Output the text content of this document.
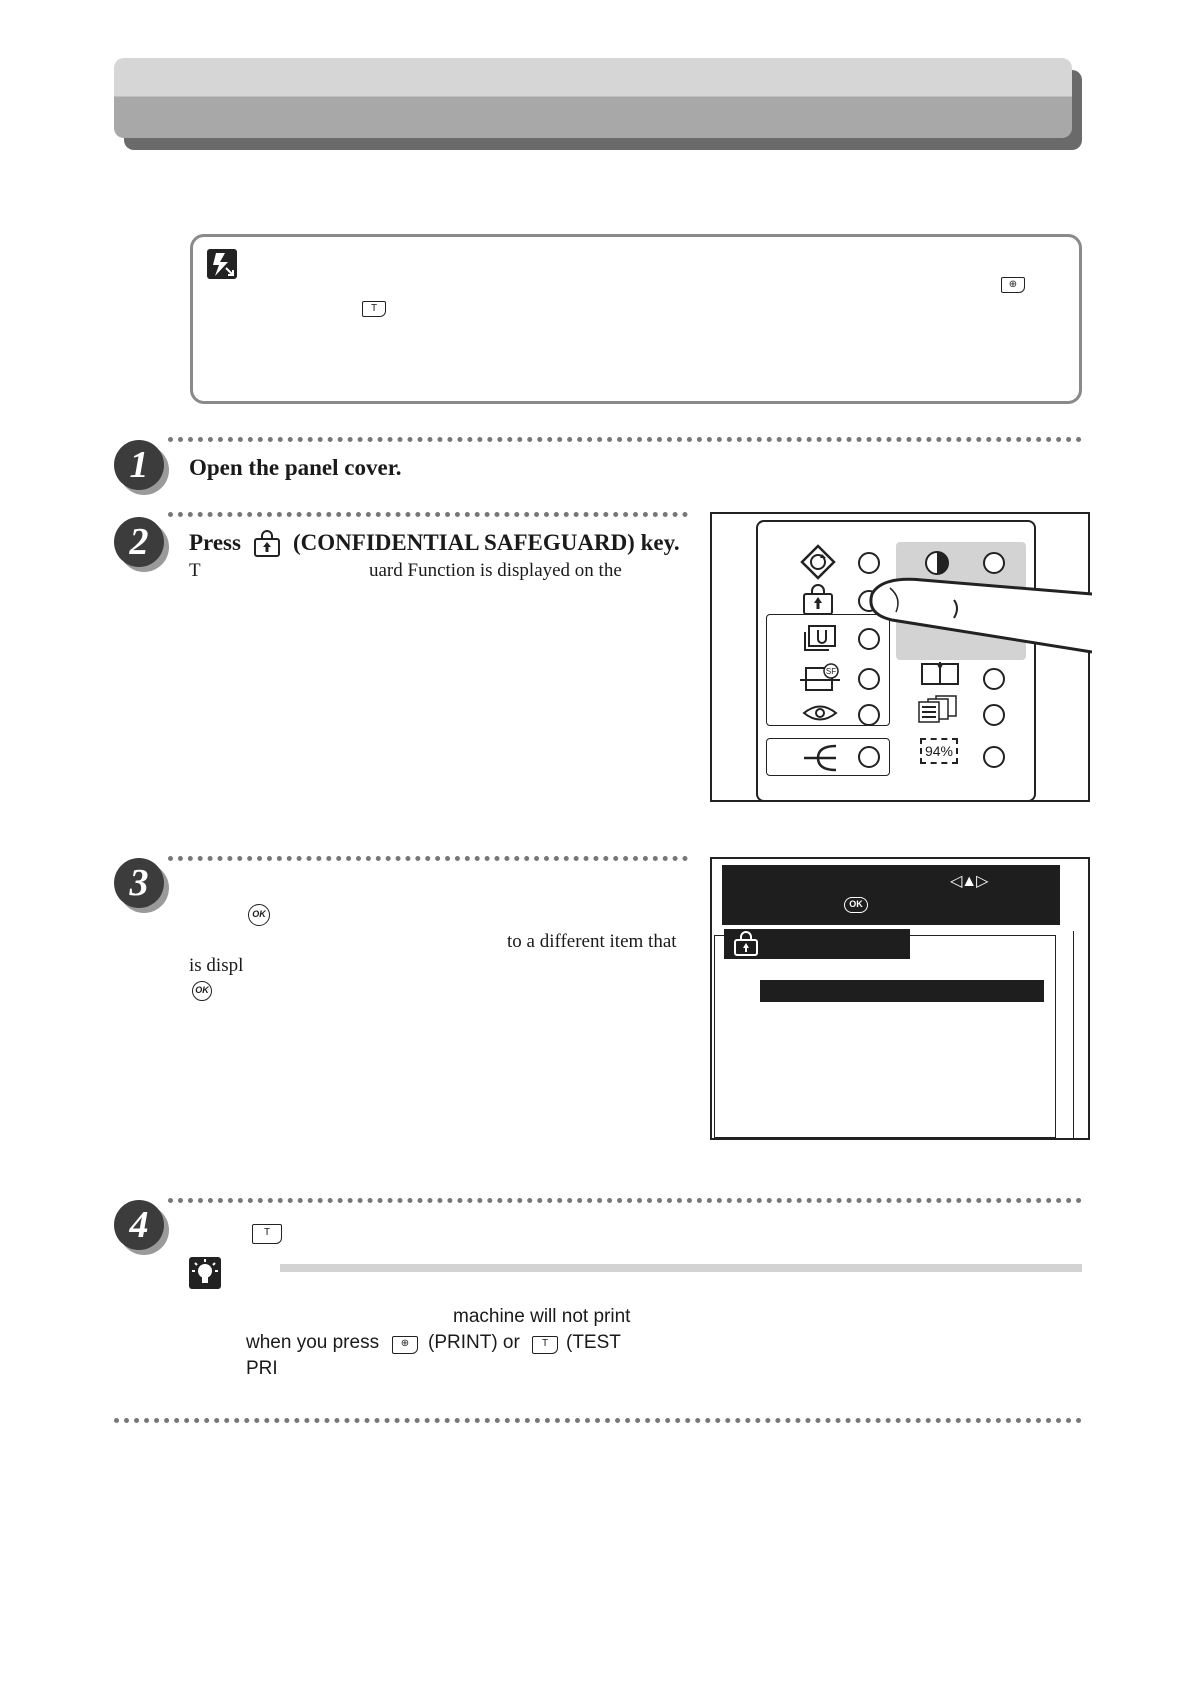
⊕
T
1	Open the panel cover.
2	Press (CONFIDENTIAL SAFEGUARD) key.
T	uard Function is displayed on the
SF
94%
3
OK
to a different item that
is displ
OK
◁▲▷
OK
4	T
machine will not print
when you press	⊕ (PRINT) or	T (TEST
PRI
